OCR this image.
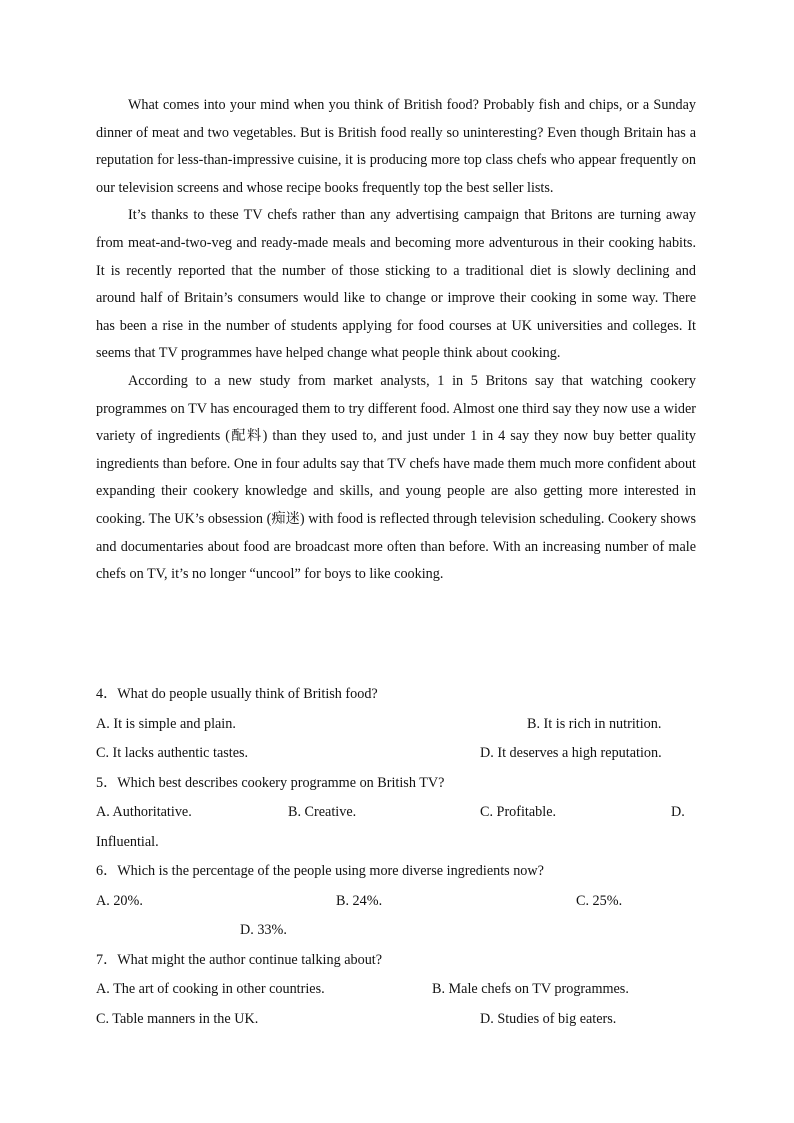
What comes into your mind when you think of British food? Probably fish and chips, or a Sunday dinner of meat and two vegetables. But is British food really so uninteresting? Even though Britain has a reputation for less-than-impressive cuisine, it is producing more top class chefs who appear frequently on our television screens and whose recipe books frequently top the best seller lists.

It’s thanks to these TV chefs rather than any advertising campaign that Britons are turning away from meat-and-two-veg and ready-made meals and becoming more adventurous in their cooking habits. It is recently reported that the number of those sticking to a traditional diet is slowly declining and around half of Britain’s consumers would like to change or improve their cooking in some way. There has been a rise in the number of students applying for food courses at UK universities and colleges. It seems that TV programmes have helped change what people think about cooking.

According to a new study from market analysts, 1 in 5 Britons say that watching cookery programmes on TV has encouraged them to try different food. Almost one third say they now use a wider variety of ingredients (配料) than they used to, and just under 1 in 4 say they now buy better quality ingredients than before. One in four adults say that TV chefs have made them much more confident about expanding their cookery knowledge and skills, and young people are also getting more interested in cooking. The UK’s obsession (痴迷) with food is reflected through television scheduling. Cookery shows and documentaries about food are broadcast more often than before. With an increasing number of male chefs on TV, it’s no longer “uncool” for boys to like cooking.

4．What do people usually think of British food?

A. It is simple and plain.	B. It is rich in nutrition.
C. It lacks authentic tastes.	D. It deserves a high reputation.

5．Which best describes cookery programme on British TV?

A. Authoritative.	B. Creative.	C. Profitable.	D.
Influential.

6．Which is the percentage of the people using more diverse ingredients now?

A. 20%.	B. 24%.	C. 25%.
D. 33%.

7．What might the author continue talking about?

A. The art of cooking in other countries.	B. Male chefs on TV programmes.
C. Table manners in the UK.	D. Studies of big eaters.
